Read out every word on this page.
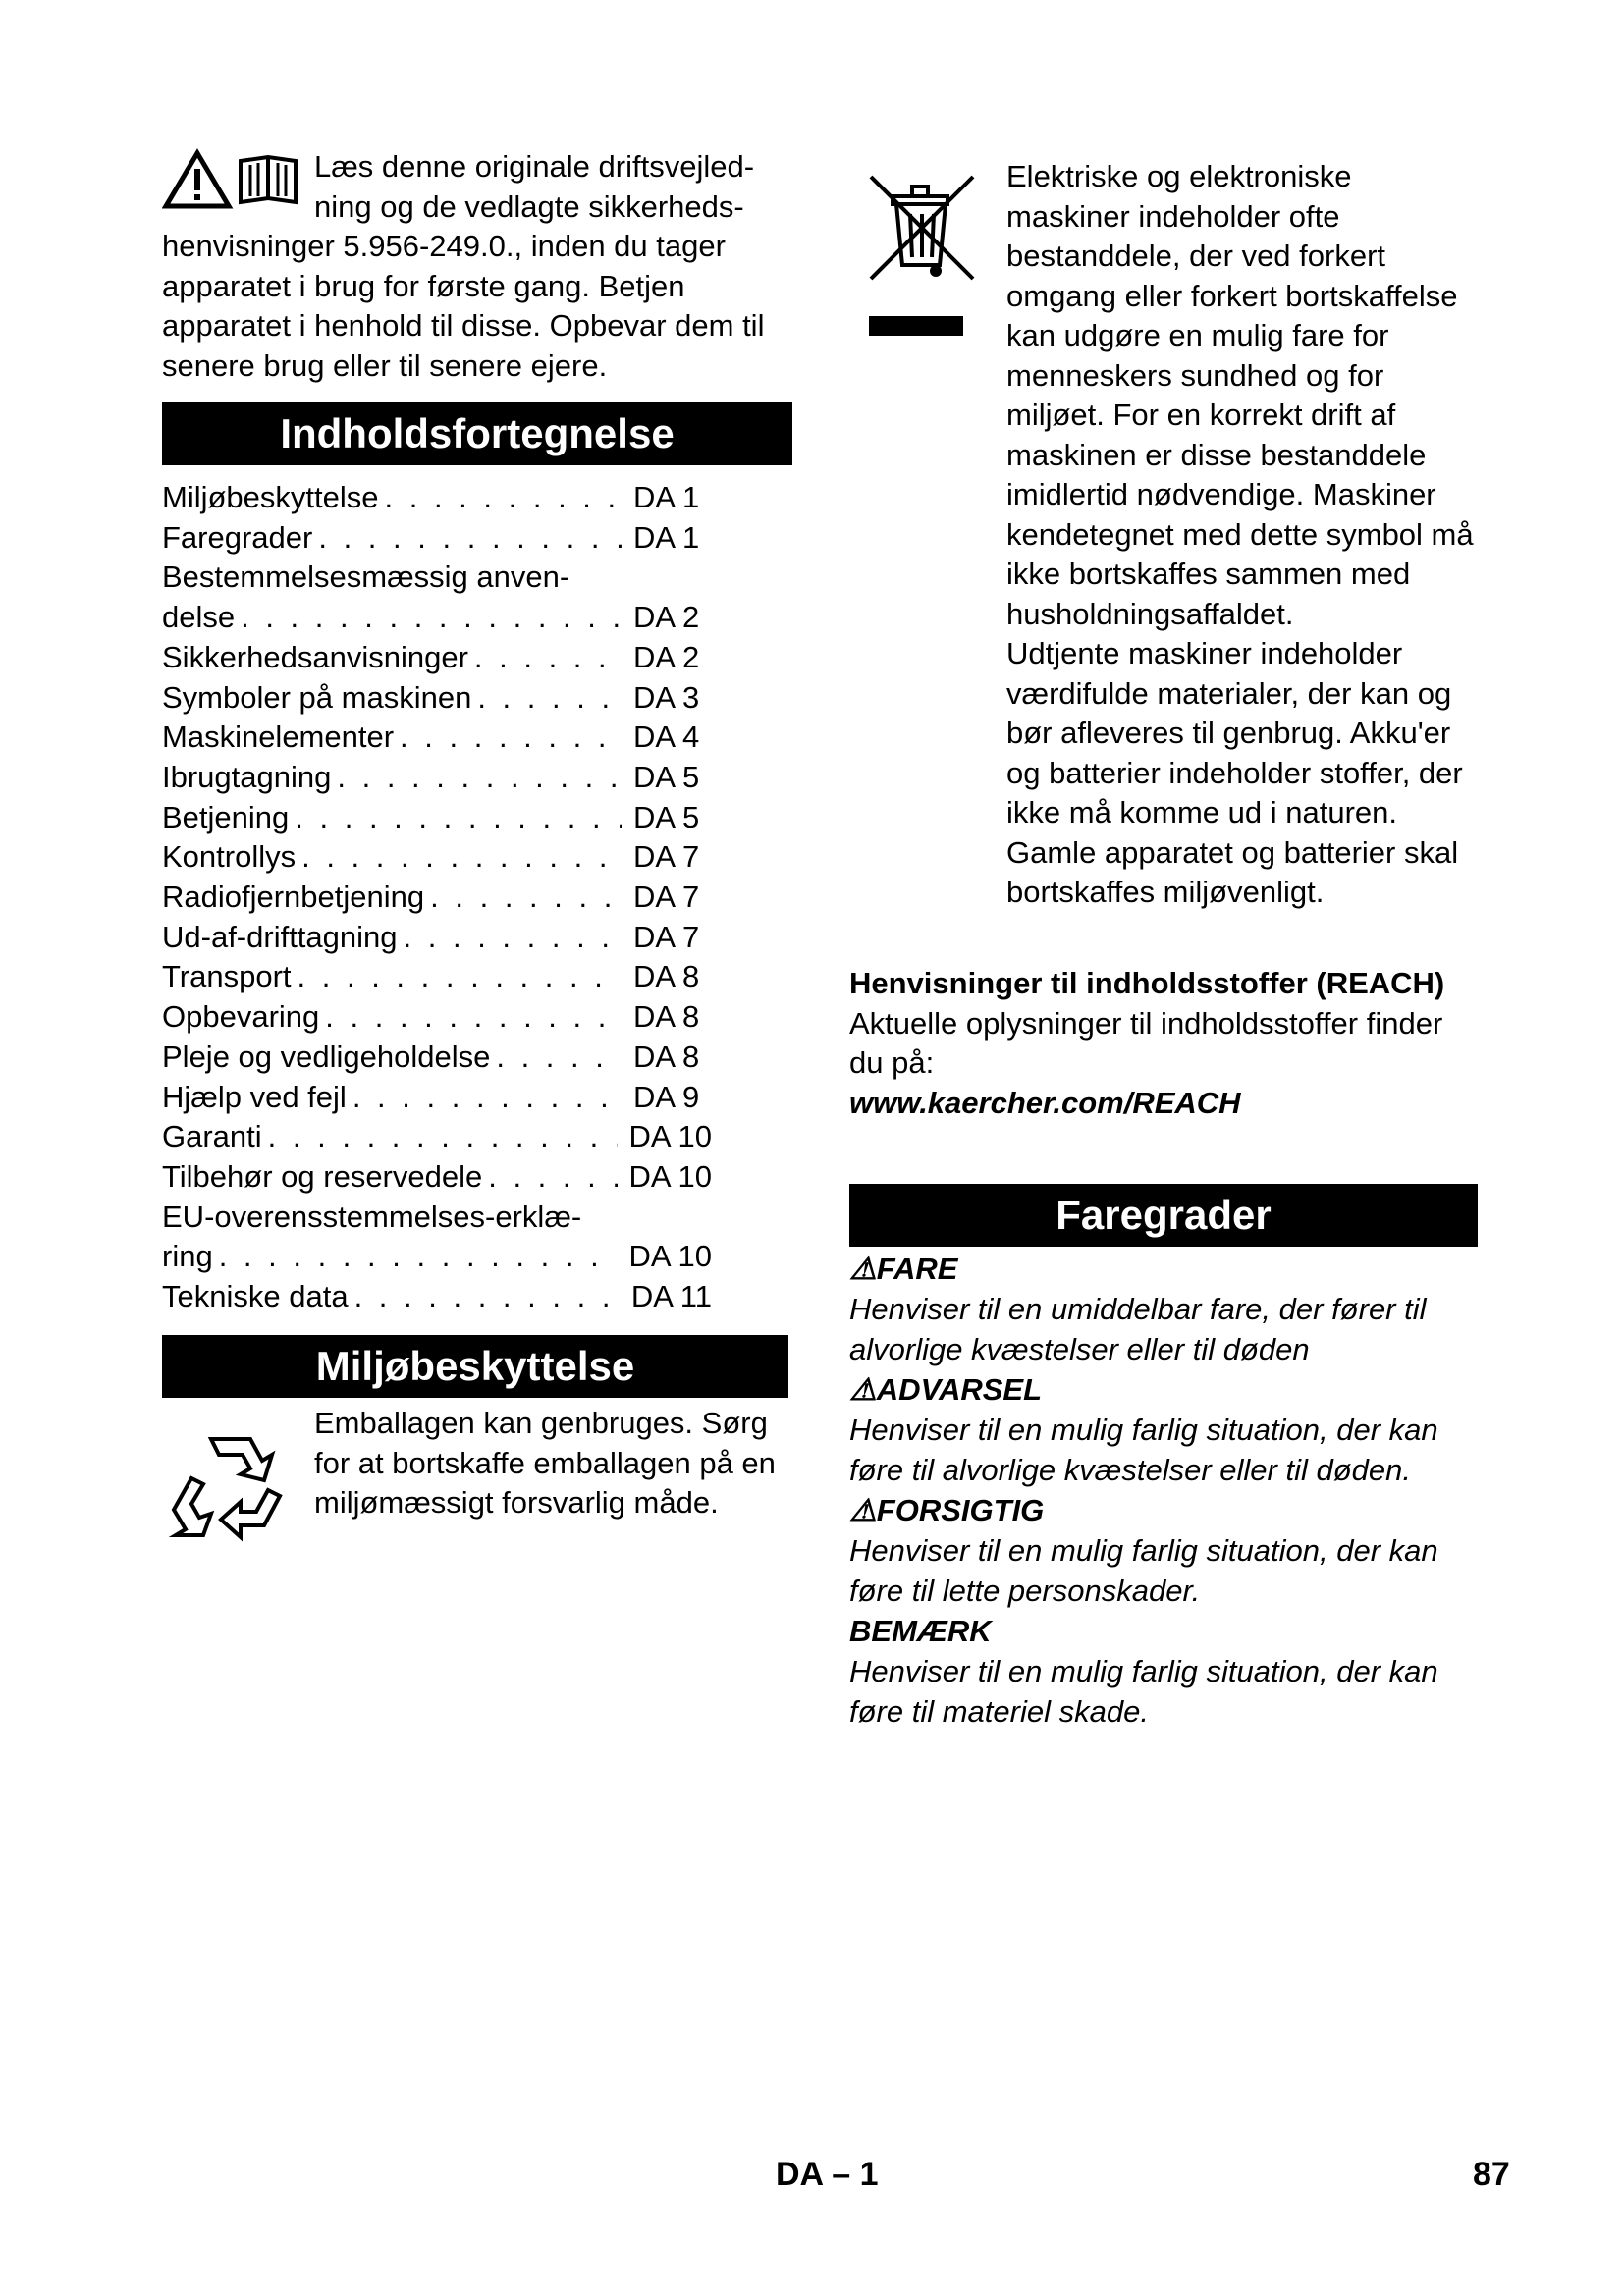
Læs denne originale driftsvejled-

ning og de vedlagte sikkerheds-

henvisninger 5.956-249.0., inden du tager apparatet i brug for første gang. Betjen apparatet i henhold til disse. Opbevar dem til senere brug eller til senere ejere.

Indholdsfortegnelse
Miljøbeskyttelse . . .	DA 1
Faregrader . . .	DA 1
Bestemmelsesmæssig anven-
delse . . .	DA 2
Sikkerhedsanvisninger . . .	DA 2
Symboler på maskinen . . .	DA 3
Maskinelementer . . .	DA 4
Ibrugtagning . . .	DA 5
Betjening . . .	DA 5
Kontrollys . . .	DA 7
Radiofjernbetjening . . .	DA 7
Ud-af-drifttagning . . .	DA 7
Transport . . .	DA 8
Opbevaring . . .	DA 8
Pleje og vedligeholdelse . . .	DA 8
Hjælp ved fejl . . .	DA 9
Garanti . . .	DA 10
Tilbehør og reservedele . . .	DA 10
EU-overensstemmelses-erklæ-
ring . . .	DA 10
Tekniske data . . .	DA 11
Miljøbeskyttelse

Emballagen kan genbruges. Sørg for at bortskaffe emballagen på en miljømæssigt forsvarlig måde.

Elektriske og elektroniske maskiner indeholder ofte bestanddele, der ved forkert omgang eller forkert bortskaffelse kan udgøre en mulig fare for menneskers sundhed og for miljøet. For en korrekt drift af maskinen er disse bestanddele imidlertid nødvendige. Maskiner kendetegnet med dette symbol må ikke bortskaffes sammen med husholdningsaffaldet.

Udtjente maskiner indeholder værdifulde materialer, der kan og bør afleveres til genbrug. Akku'er og batterier indeholder stoffer, der ikke må komme ud i naturen. Gamle apparatet og batterier skal bortskaffes miljøvenligt.

Henvisninger til indholdsstoffer (REACH)

Aktuelle oplysninger til indholdsstoffer finder du på:

www.kaercher.com/REACH

Faregrader

⚠FARE

Henviser til en umiddelbar fare, der fører til alvorlige kvæstelser eller til døden

⚠ADVARSEL

Henviser til en mulig farlig situation, der kan føre til alvorlige kvæstelser eller til døden.

⚠FORSIGTIG

Henviser til en mulig farlig situation, der kan føre til lette personskader.

BEMÆRK

Henviser til en mulig farlig situation, der kan føre til materiel skade.

DA – 1	87
